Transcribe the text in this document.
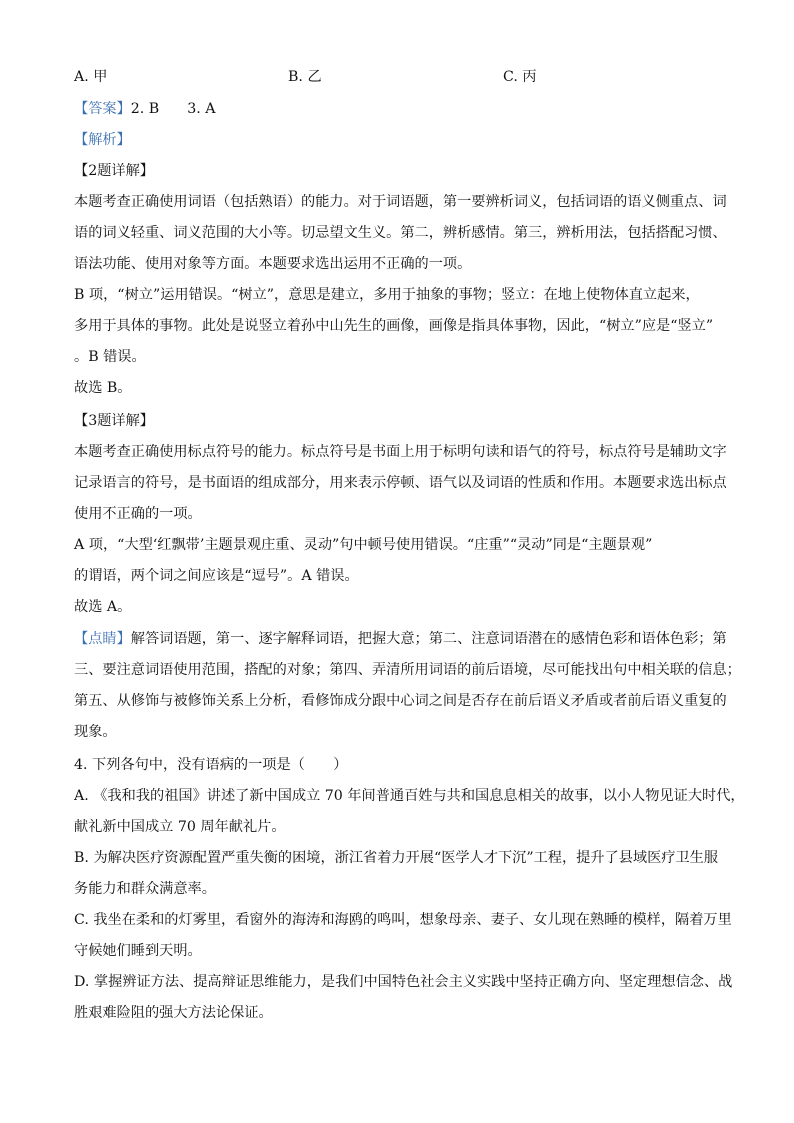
A. 甲	B. 乙	C. 丙
【答案】2. B 3. A
【解析】
【2题详解】
本题考查正确使用词语（包括熟语）的能力。对于词语题，第一要辨析词义，包括词语的语义侧重点、词
语的词义轻重、词义范围的大小等。切忌望文生义。第二，辨析感情。第三，辨析用法，包括搭配习惯、
语法功能、使用对象等方面。本题要求选出运用不正确的一项。
B 项，“树立”运用错误。“树立”，意思是建立，多用于抽象的事物；竖立：在地上使物体直立起来，
多用于具体的事物。此处是说竖立着孙中山先生的画像，画像是指具体事物，因此，“树立”应是“竖立”
。B 错误。
故选 B。
【3题详解】
本题考查正确使用标点符号的能力。标点符号是书面上用于标明句读和语气的符号，标点符号是辅助文字
记录语言的符号，是书面语的组成部分，用来表示停顿、语气以及词语的性质和作用。本题要求选出标点
使用不正确的一项。
A 项，“大型‘红飘带’主题景观庄重、灵动”句中顿号使用错误。“庄重”“灵动”同是“主题景观”
的谓语，两个词之间应该是“逗号”。A 错误。
故选 A。
【点睛】解答词语题，第一、逐字解释词语，把握大意；第二、注意词语潜在的感情色彩和语体色彩；第
三、要注意词语使用范围，搭配的对象；第四、弄清所用词语的前后语境，尽可能找出句中相关联的信息；
第五、从修饰与被修饰关系上分析，看修饰成分跟中心词之间是否存在前后语义矛盾或者前后语义重复的
现象。
4. 下列各句中，没有语病的一项是（　　）
A. 《我和我的祖国》讲述了新中国成立 70 年间普通百姓与共和国息息相关的故事，以小人物见证大时代，
献礼新中国成立 70 周年献礼片。
B. 为解决医疗资源配置严重失衡的困境，浙江省着力开展“医学人才下沉”工程，提升了县域医疗卫生服
务能力和群众满意率。
C. 我坐在柔和的灯雾里，看窗外的海涛和海鸥的鸣叫，想象母亲、妻子、女儿现在熟睡的模样，隔着万里
守候她们睡到天明。
D. 掌握辨证方法、提高辩证思维能力，是我们中国特色社会主义实践中坚持正确方向、坚定理想信念、战
胜艰难险阻的强大方法论保证。
